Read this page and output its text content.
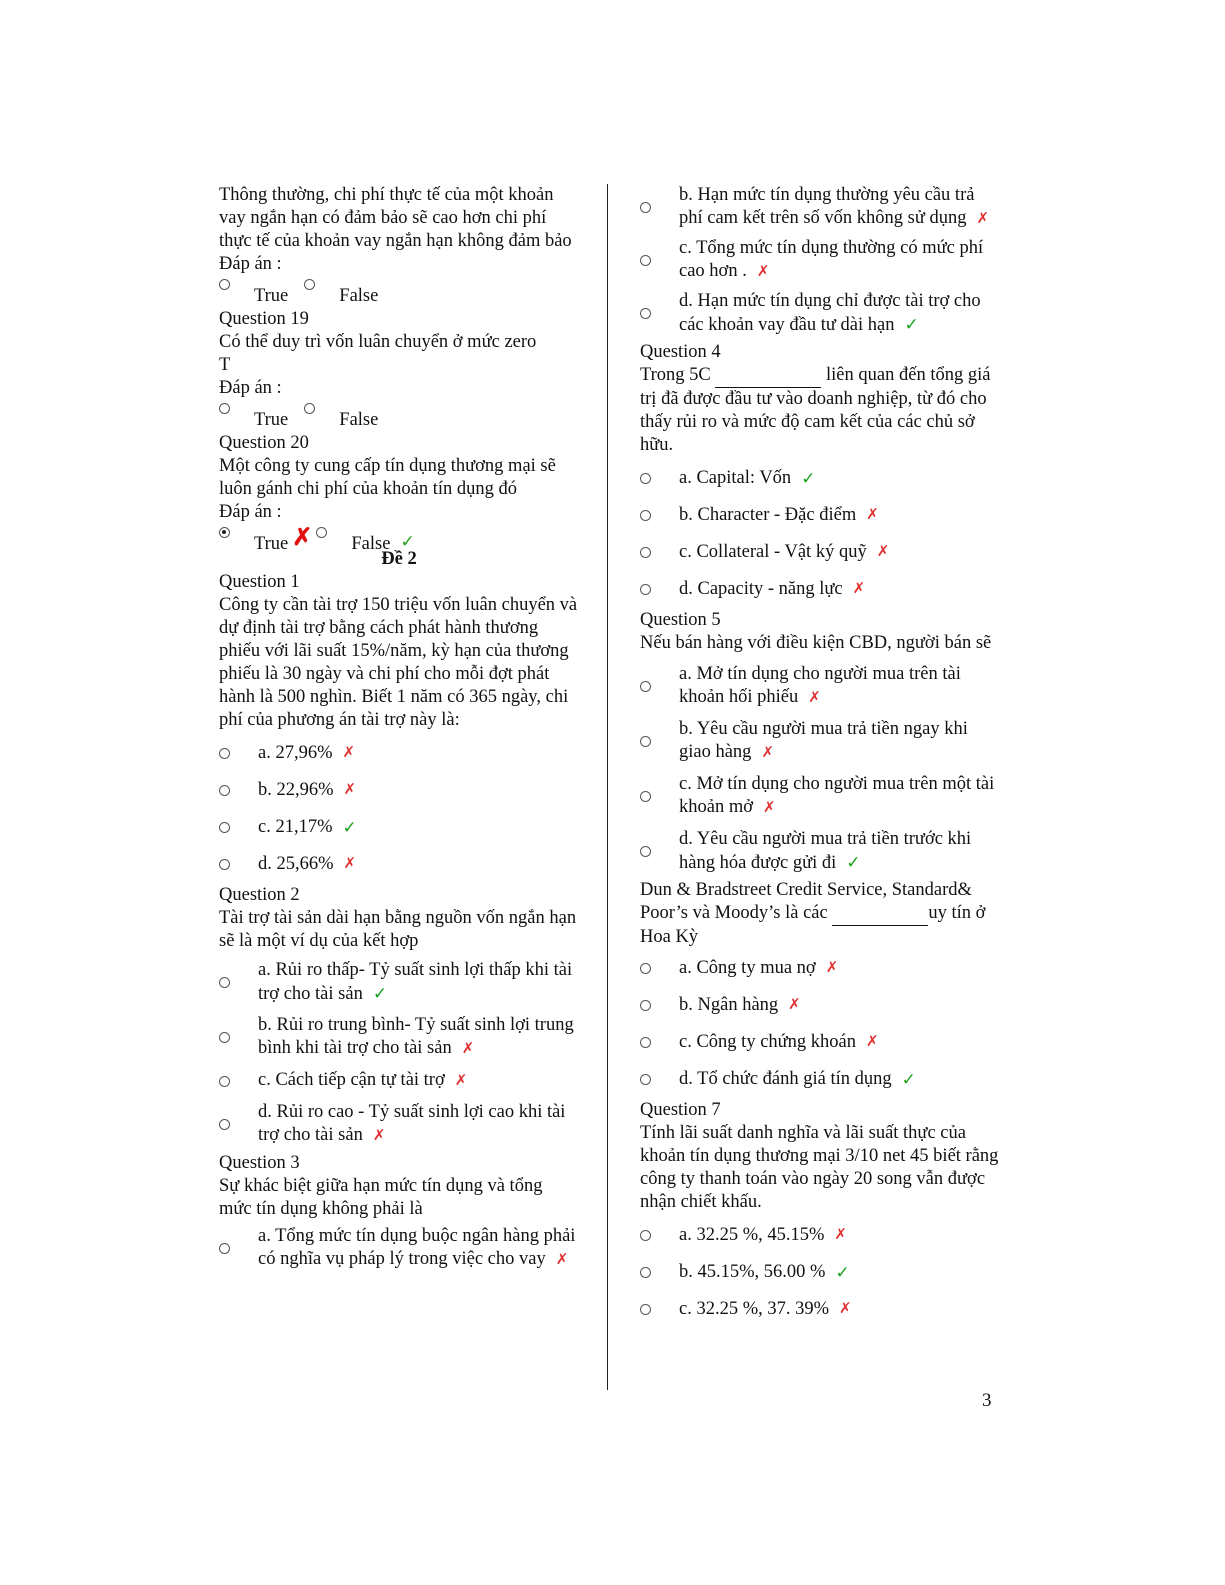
Thông thường, chi phí thực tế của một khoản vay ngắn hạn có đảm bảo sẽ cao hơn chi phí thực tế của khoản vay ngắn hạn không đảm bảo

Đáp án :

True	False

Question 19

Có thể duy trì vốn luân chuyển ở mức zero

T

Đáp án :

True	False

Question 20

Một công ty cung cấp tín dụng thương mại sẽ luôn gánh chi phí của khoản tín dụng đó

Đáp án :

True ✗ False ✓

Đề 2

Question 1

Công ty cần tài trợ 150 triệu vốn luân chuyển và dự định tài trợ bằng cách phát hành thương phiếu với lãi suất 15%/năm, kỳ hạn của thương phiếu là 30 ngày và chi phí cho mỗi đợt phát hành là 500 nghìn. Biết 1 năm có 365 ngày, chi phí của phương án tài trợ này là:

a. 27,96% ✗
b. 22,96% ✗
c. 21,17% ✓
d. 25,66% ✗

Question 2

Tài trợ tài sản dài hạn bằng nguồn vốn ngắn hạn sẽ là một ví dụ của kết hợp

a. Rủi ro thấp- Tỷ suất sinh lợi thấp khi tài trợ cho tài sản ✓
b. Rủi ro trung bình- Tỷ suất sinh lợi trung bình khi tài trợ cho tài sản ✗
c. Cách tiếp cận tự tài trợ ✗
d. Rủi ro cao - Tỷ suất sinh lợi cao khi tài trợ cho tài sản ✗

Question 3

Sự khác biệt giữa hạn mức tín dụng và tổng mức tín dụng không phải là

a. Tổng mức tín dụng buộc ngân hàng phải có nghĩa vụ pháp lý trong việc cho vay ✗
b. Hạn mức tín dụng thường yêu cầu trả phí cam kết trên số vốn không sử dụng ✗
c. Tổng mức tín dụng thường có mức phí cao hơn . ✗
d. Hạn mức tín dụng chỉ được tài trợ cho các khoản vay đầu tư dài hạn ✓

Question 4

Trong 5C	liên quan đến tổng giá trị đã được đầu tư vào doanh nghiệp, từ đó cho thấy rủi ro và mức độ cam kết của các chủ sở hữu.

a. Capital: Vốn ✓
b. Character - Đặc điểm ✗
c. Collateral - Vật ký quỹ ✗
d. Capacity - năng lực ✗

Question 5

Nếu bán hàng với điều kiện CBD, người bán sẽ

a. Mở tín dụng cho người mua trên tài khoản hối phiếu ✗
b. Yêu cầu người mua trả tiền ngay khi giao hàng ✗
c. Mở tín dụng cho người mua trên một tài khoản mở ✗
d. Yêu cầu người mua trả tiền trước khi hàng hóa được gửi đi ✓

Dun & Bradstreet Credit Service, Standard& Poor’s và Moody’s là các	uy tín ở Hoa Kỳ

a. Công ty mua nợ ✗
b. Ngân hàng ✗
c. Công ty chứng khoán ✗
d. Tổ chức đánh giá tín dụng ✓

Question 7

Tính lãi suất danh nghĩa và lãi suất thực của khoản tín dụng thương mại 3/10 net 45 biết rằng công ty thanh toán vào ngày 20 song vẫn được nhận chiết khấu.

a. 32.25 %, 45.15% ✗
b. 45.15%, 56.00 % ✓
c. 32.25 %, 37. 39% ✗
3
